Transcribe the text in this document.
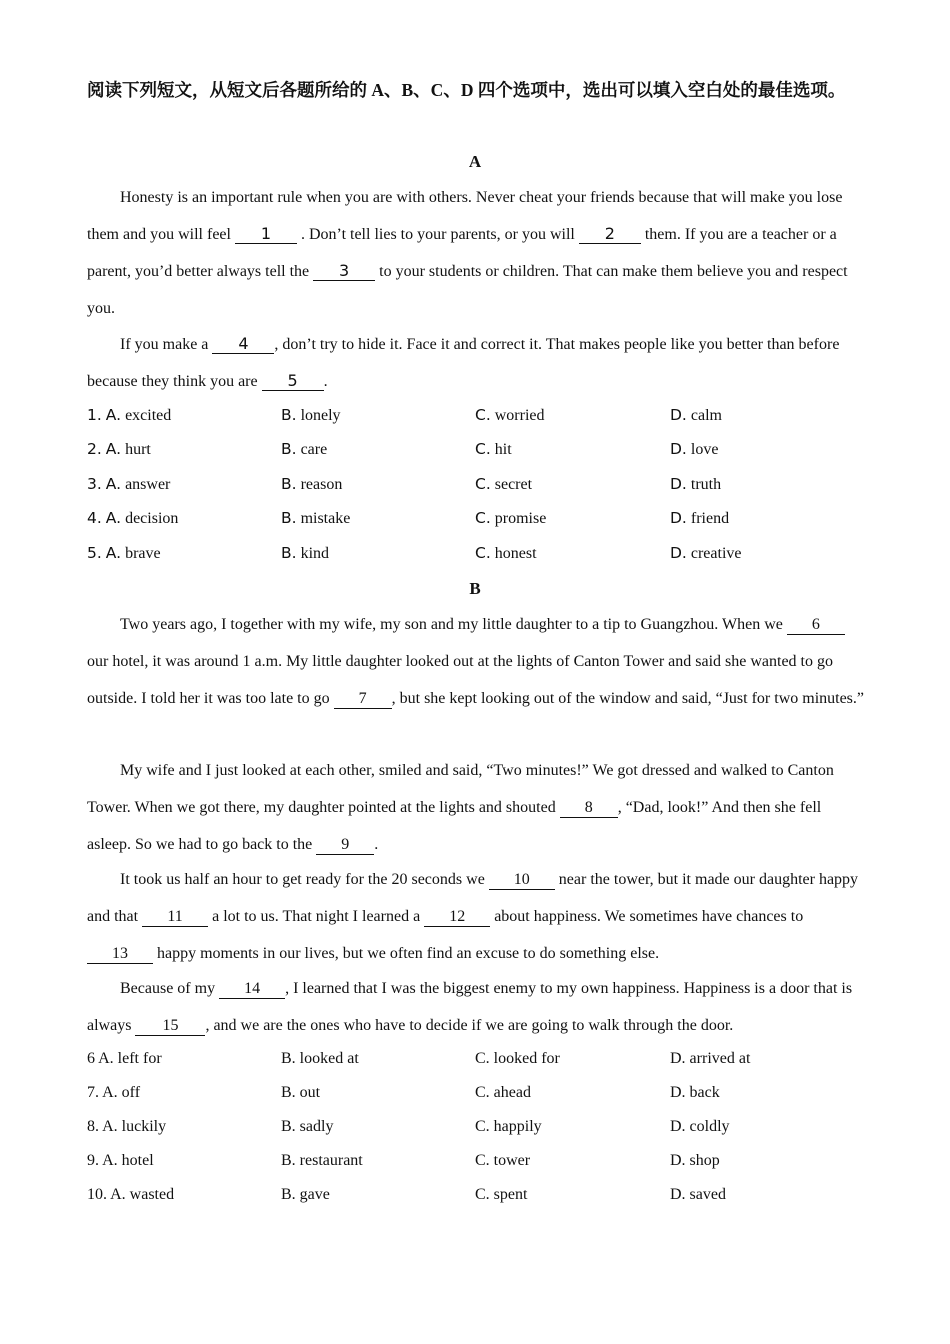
阅读下列短文，从短文后各题所给的 A、B、C、D 四个选项中，选出可以填入空白处的最佳选项。
A

Honesty is an important rule when you are with others. Never cheat your friends because that will make you lose them and you will feel 1 . Don’t tell lies to your parents, or you will 2 them. If you are a teacher or a parent, you’d better always tell the 3 to your students or children. That can make them believe you and respect you.

If you make a 4 , don’t try to hide it. Face it and correct it. That makes people like you better than before because they think you are 5 .

1. A. excited	B. lonely	C. worried	D. calm
2. A. hurt	B. care	C. hit	D. love
3. A. answer	B. reason	C. secret	D. truth
4. A. decision	B. mistake	C. promise	D. friend
5. A. brave	B. kind	C. honest	D. creative
B

Two years ago, I together with my wife, my son and my little daughter to a tip to Guangzhou. When we 6 our hotel, it was around 1 a.m. My little daughter looked out at the lights of Canton Tower and said she wanted to go outside. I told her it was too late to go 7 , but she kept looking out of the window and said, “Just for two minutes.”

My wife and I just looked at each other, smiled and said, “Two minutes!” We got dressed and walked to Canton Tower. When we got there, my daughter pointed at the lights and shouted 8 , “Dad, look!” And then she fell asleep. So we had to go back to the 9 .

It took us half an hour to get ready for the 20 seconds we 10 near the tower, but it made our daughter happy and that 11 a lot to us. That night I learned a 12 about happiness. We sometimes have chances to 13 happy moments in our lives, but we often find an excuse to do something else.

Because of my 14 , I learned that I was the biggest enemy to my own happiness. Happiness is a door that is always 15 , and we are the ones who have to decide if we are going to walk through the door.

6 A. left for	B. looked at	C. looked for	D. arrived at
7. A. off	B. out	C. ahead	D. back
8. A. luckily	B. sadly	C. happily	D. coldly
9. A. hotel	B. restaurant	C. tower	D. shop
10. A. wasted	B. gave	C. spent	D. saved
